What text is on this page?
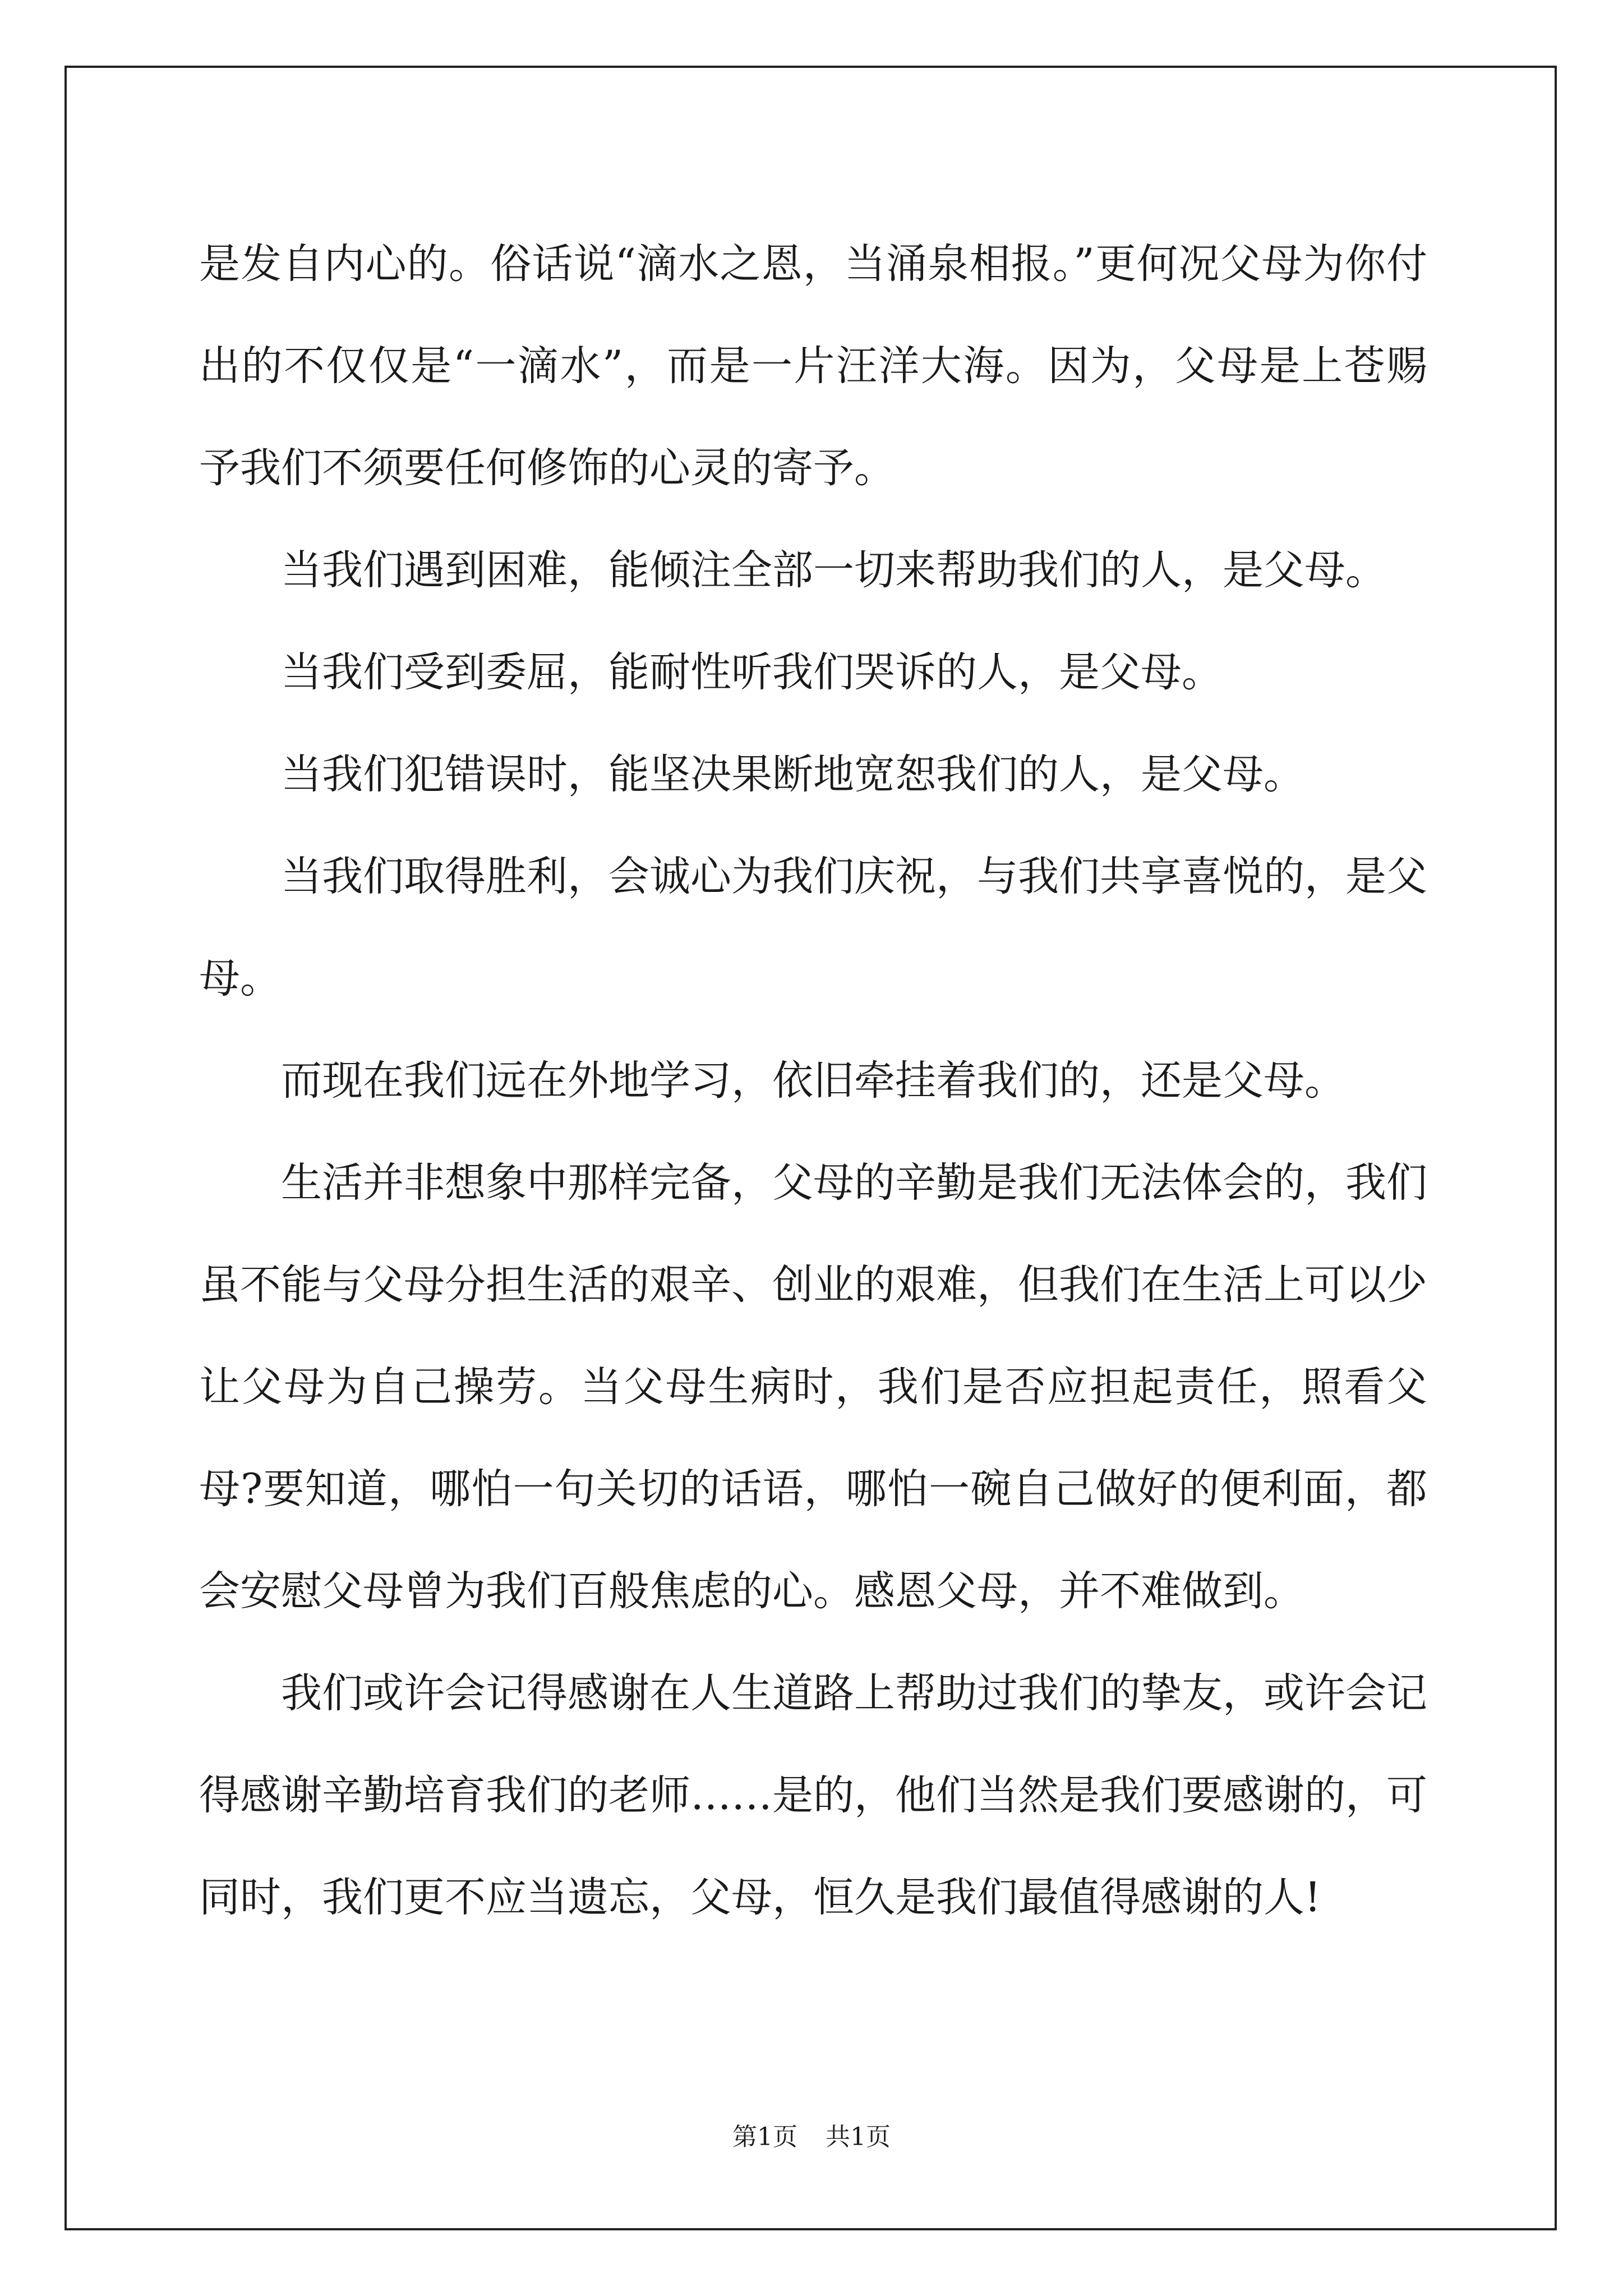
是发自内心的。俗话说“滴水之恩，当涌泉相报。”更何况父母为你付出的不仅仅是“一滴水”，而是一片汪洋大海。因为，父母是上苍赐予我们不须要任何修饰的心灵的寄予。

当我们遇到困难，能倾注全部一切来帮助我们的人，是父母。

当我们受到委屈，能耐性听我们哭诉的人，是父母。

当我们犯错误时，能坚决果断地宽恕我们的人，是父母。

当我们取得胜利，会诚心为我们庆祝，与我们共享喜悦的，是父母。

而现在我们远在外地学习，依旧牵挂着我们的，还是父母。

生活并非想象中那样完备，父母的辛勤是我们无法体会的，我们虽不能与父母分担生活的艰辛、创业的艰难，但我们在生活上可以少让父母为自己操劳。当父母生病时，我们是否应担起责任，照看父母?要知道，哪怕一句关切的话语，哪怕一碗自己做好的便利面，都会安慰父母曾为我们百般焦虑的心。感恩父母，并不难做到。

我们或许会记得感谢在人生道路上帮助过我们的挚友，或许会记得感谢辛勤培育我们的老师……是的，他们当然是我们要感谢的，可同时，我们更不应当遗忘，父母，恒久是我们最值得感谢的人!

第1页 共1页
